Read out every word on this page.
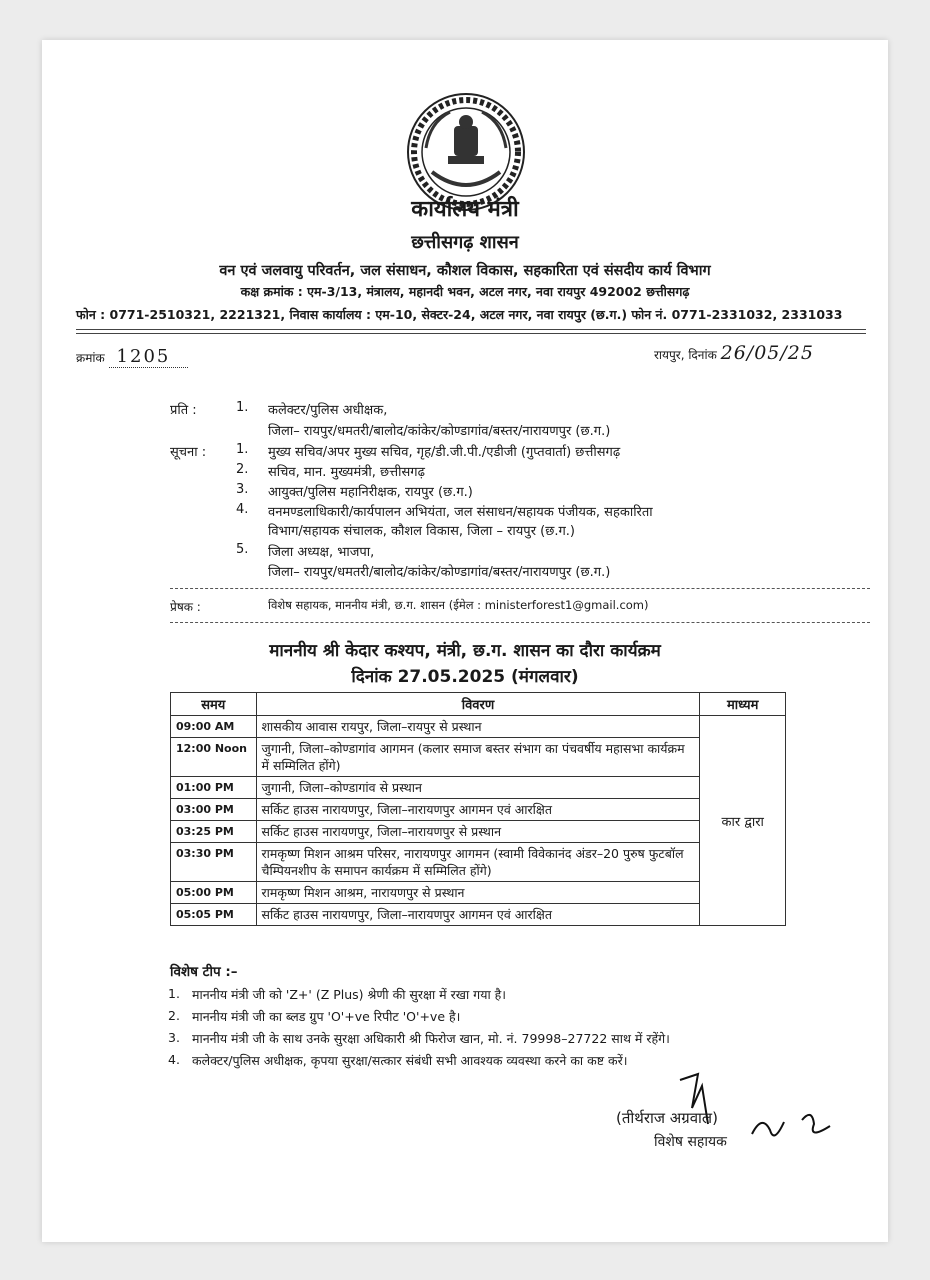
कार्यालय मंत्री
छत्तीसगढ़ शासन
वन एवं जलवायु परिवर्तन, जल संसाधन, कौशल विकास, सहकारिता एवं संसदीय कार्य विभाग
कक्ष क्रमांक : एम-3/13, मंत्रालय, महानदी भवन, अटल नगर, नवा रायपुर 492002 छत्तीसगढ़
फोन : 0771-2510321, 2221321, निवास कार्यालय : एम-10, सेक्टर-24, अटल नगर, नवा रायपुर (छ.ग.) फोन नं. 0771-2331032, 2331033
क्रमांक 1205	रायपुर, दिनांक 26/05/25
प्रति :	1. कलेक्टर/पुलिस अधीक्षक,
जिला– रायपुर/धमतरी/बालोद/कांकेर/कोण्डागांव/बस्तर/नारायणपुर (छ.ग.)
सूचना : 1. मुख्य सचिव/अपर मुख्य सचिव, गृह/डी.जी.पी./एडीजी (गुप्तवार्ता) छत्तीसगढ़
2. सचिव, मान. मुख्यमंत्री, छत्तीसगढ़
3. आयुक्त/पुलिस महानिरीक्षक, रायपुर (छ.ग.)
4. वनमण्डलाधिकारी/कार्यपालन अभियंता, जल संसाधन/सहायक पंजीयक, सहकारिता
विभाग/सहायक संचालक, कौशल विकास, जिला – रायपुर (छ.ग.)
5. जिला अध्यक्ष, भाजपा,
जिला– रायपुर/धमतरी/बालोद/कांकेर/कोण्डागांव/बस्तर/नारायणपुर (छ.ग.)
प्रेषक :	विशेष सहायक, माननीय मंत्री, छ.ग. शासन (ईमेल : ministerforest1@gmail.com)
माननीय श्री केदार कश्यप, मंत्री, छ.ग. शासन का दौरा कार्यक्रम
दिनांक 27.05.2025 (मंगलवार)
समय	विवरण	माध्यम
09:00 AM	शासकीय आवास रायपुर, जिला–रायपुर से प्रस्थान	कार द्वारा
12:00 Noon	जुगानी, जिला–कोण्डागांव आगमन (कलार समाज बस्तर संभाग का पंचवर्षीय महासभा कार्यक्रम में सम्मिलित होंगे)	
01:00 PM	जुगानी, जिला–कोण्डागांव से प्रस्थान	
03:00 PM	सर्किट हाउस नारायणपुर, जिला–नारायणपुर आगमन एवं आरक्षित	
03:25 PM	सर्किट हाउस नारायणपुर, जिला–नारायणपुर से प्रस्थान	
03:30 PM	रामकृष्ण मिशन आश्रम परिसर, नारायणपुर आगमन (स्वामी विवेकानंद अंडर–20 पुरुष फुटबॉल चैम्पियनशीप के समापन कार्यक्रम में सम्मिलित होंगे)	
05:00 PM	रामकृष्ण मिशन आश्रम, नारायणपुर से प्रस्थान	
05:05 PM	सर्किट हाउस नारायणपुर, जिला–नारायणपुर आगमन एवं आरक्षित	
विशेष टीप :–
1. माननीय मंत्री जी को 'Z+' (Z Plus) श्रेणी की सुरक्षा में रखा गया है।
2. माननीय मंत्री जी का ब्लड ग्रुप 'O'+ve रिपीट 'O'+ve है।
3. माननीय मंत्री जी के साथ उनके सुरक्षा अधिकारी श्री फिरोज खान, मो. नं. 79998–27722 साथ में रहेंगे।
4. कलेक्टर/पुलिस अधीक्षक, कृपया सुरक्षा/सत्कार संबंधी सभी आवश्यक व्यवस्था करने का कष्ट करें।
(तीर्थराज अग्रवाल)
विशेष सहायक
